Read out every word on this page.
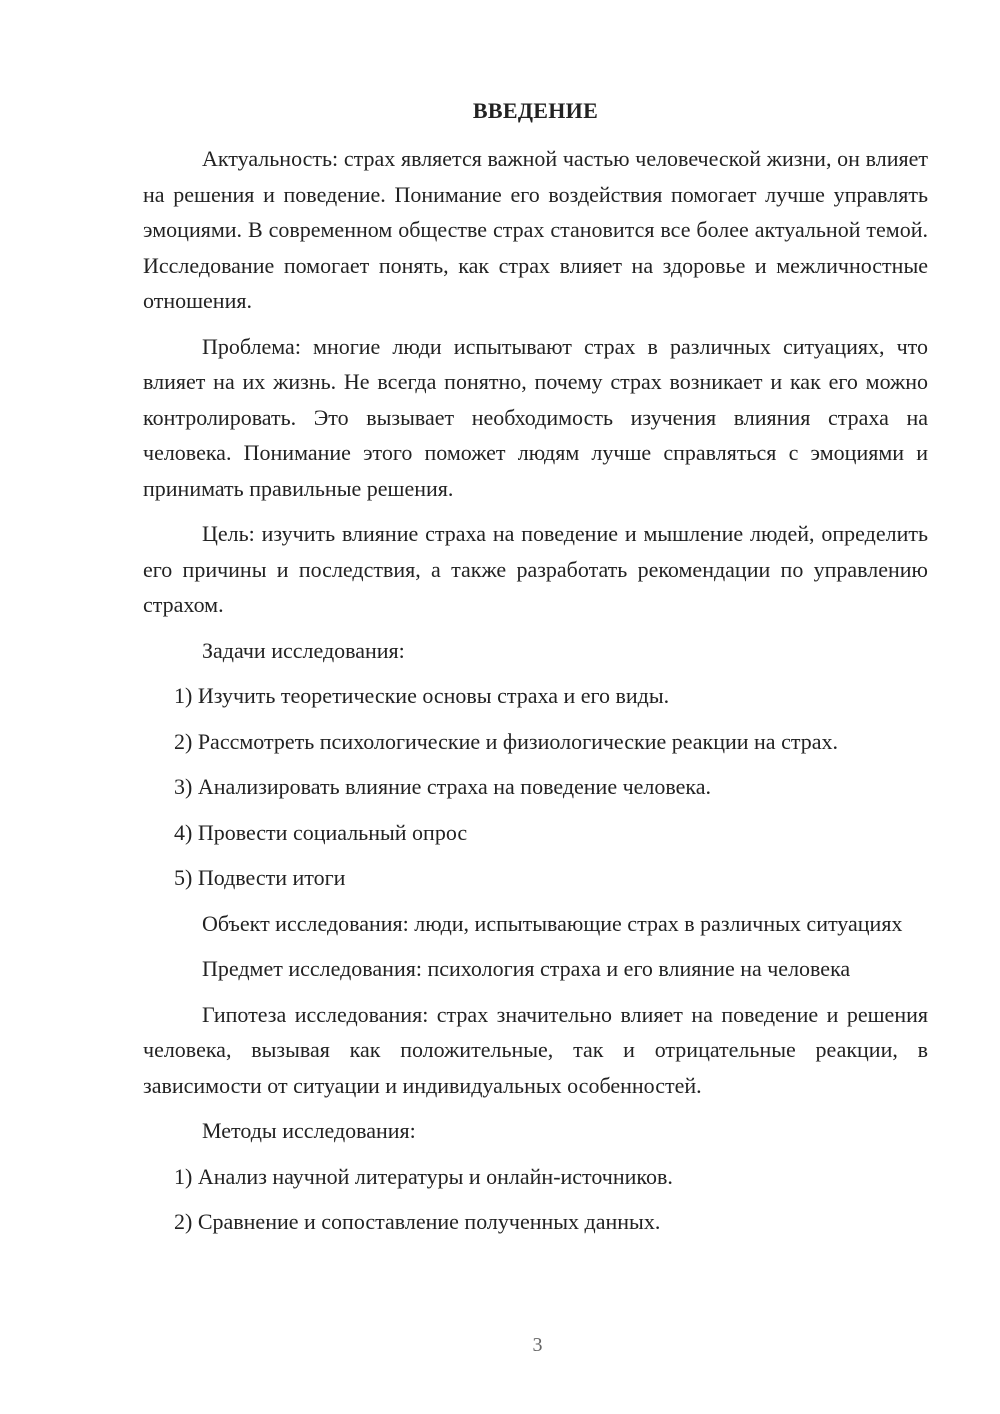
ВВЕДЕНИЕ
Актуальность: страх является важной частью человеческой жизни, он влияет на решения и поведение. Понимание его воздействия помогает лучше управлять эмоциями. В современном обществе страх становится все более актуальной темой. Исследование помогает понять, как страх влияет на здоровье и межличностные отношения.
Проблема: многие люди испытывают страх в различных ситуациях, что влияет на их жизнь. Не всегда понятно, почему страх возникает и как его можно контролировать. Это вызывает необходимость изучения влияния страха на человека. Понимание этого поможет людям лучше справляться с эмоциями и принимать правильные решения.
Цель: изучить влияние страха на поведение и мышление людей, определить его причины и последствия, а также разработать рекомендации по управлению страхом.
Задачи исследования:
1) Изучить теоретические основы страха и его виды.
2) Рассмотреть психологические и физиологические реакции на страх.
3) Анализировать влияние страха на поведение человека.
4) Провести социальный опрос
5) Подвести итоги
Объект исследования: люди, испытывающие страх в различных ситуациях
Предмет исследования: психология страха и его влияние на человека
Гипотеза исследования: страх значительно влияет на поведение и решения человека, вызывая как положительные, так и отрицательные реакции, в зависимости от ситуации и индивидуальных особенностей.
Методы исследования:
1) Анализ научной литературы и онлайн-источников.
2) Сравнение и сопоставление полученных данных.
3
